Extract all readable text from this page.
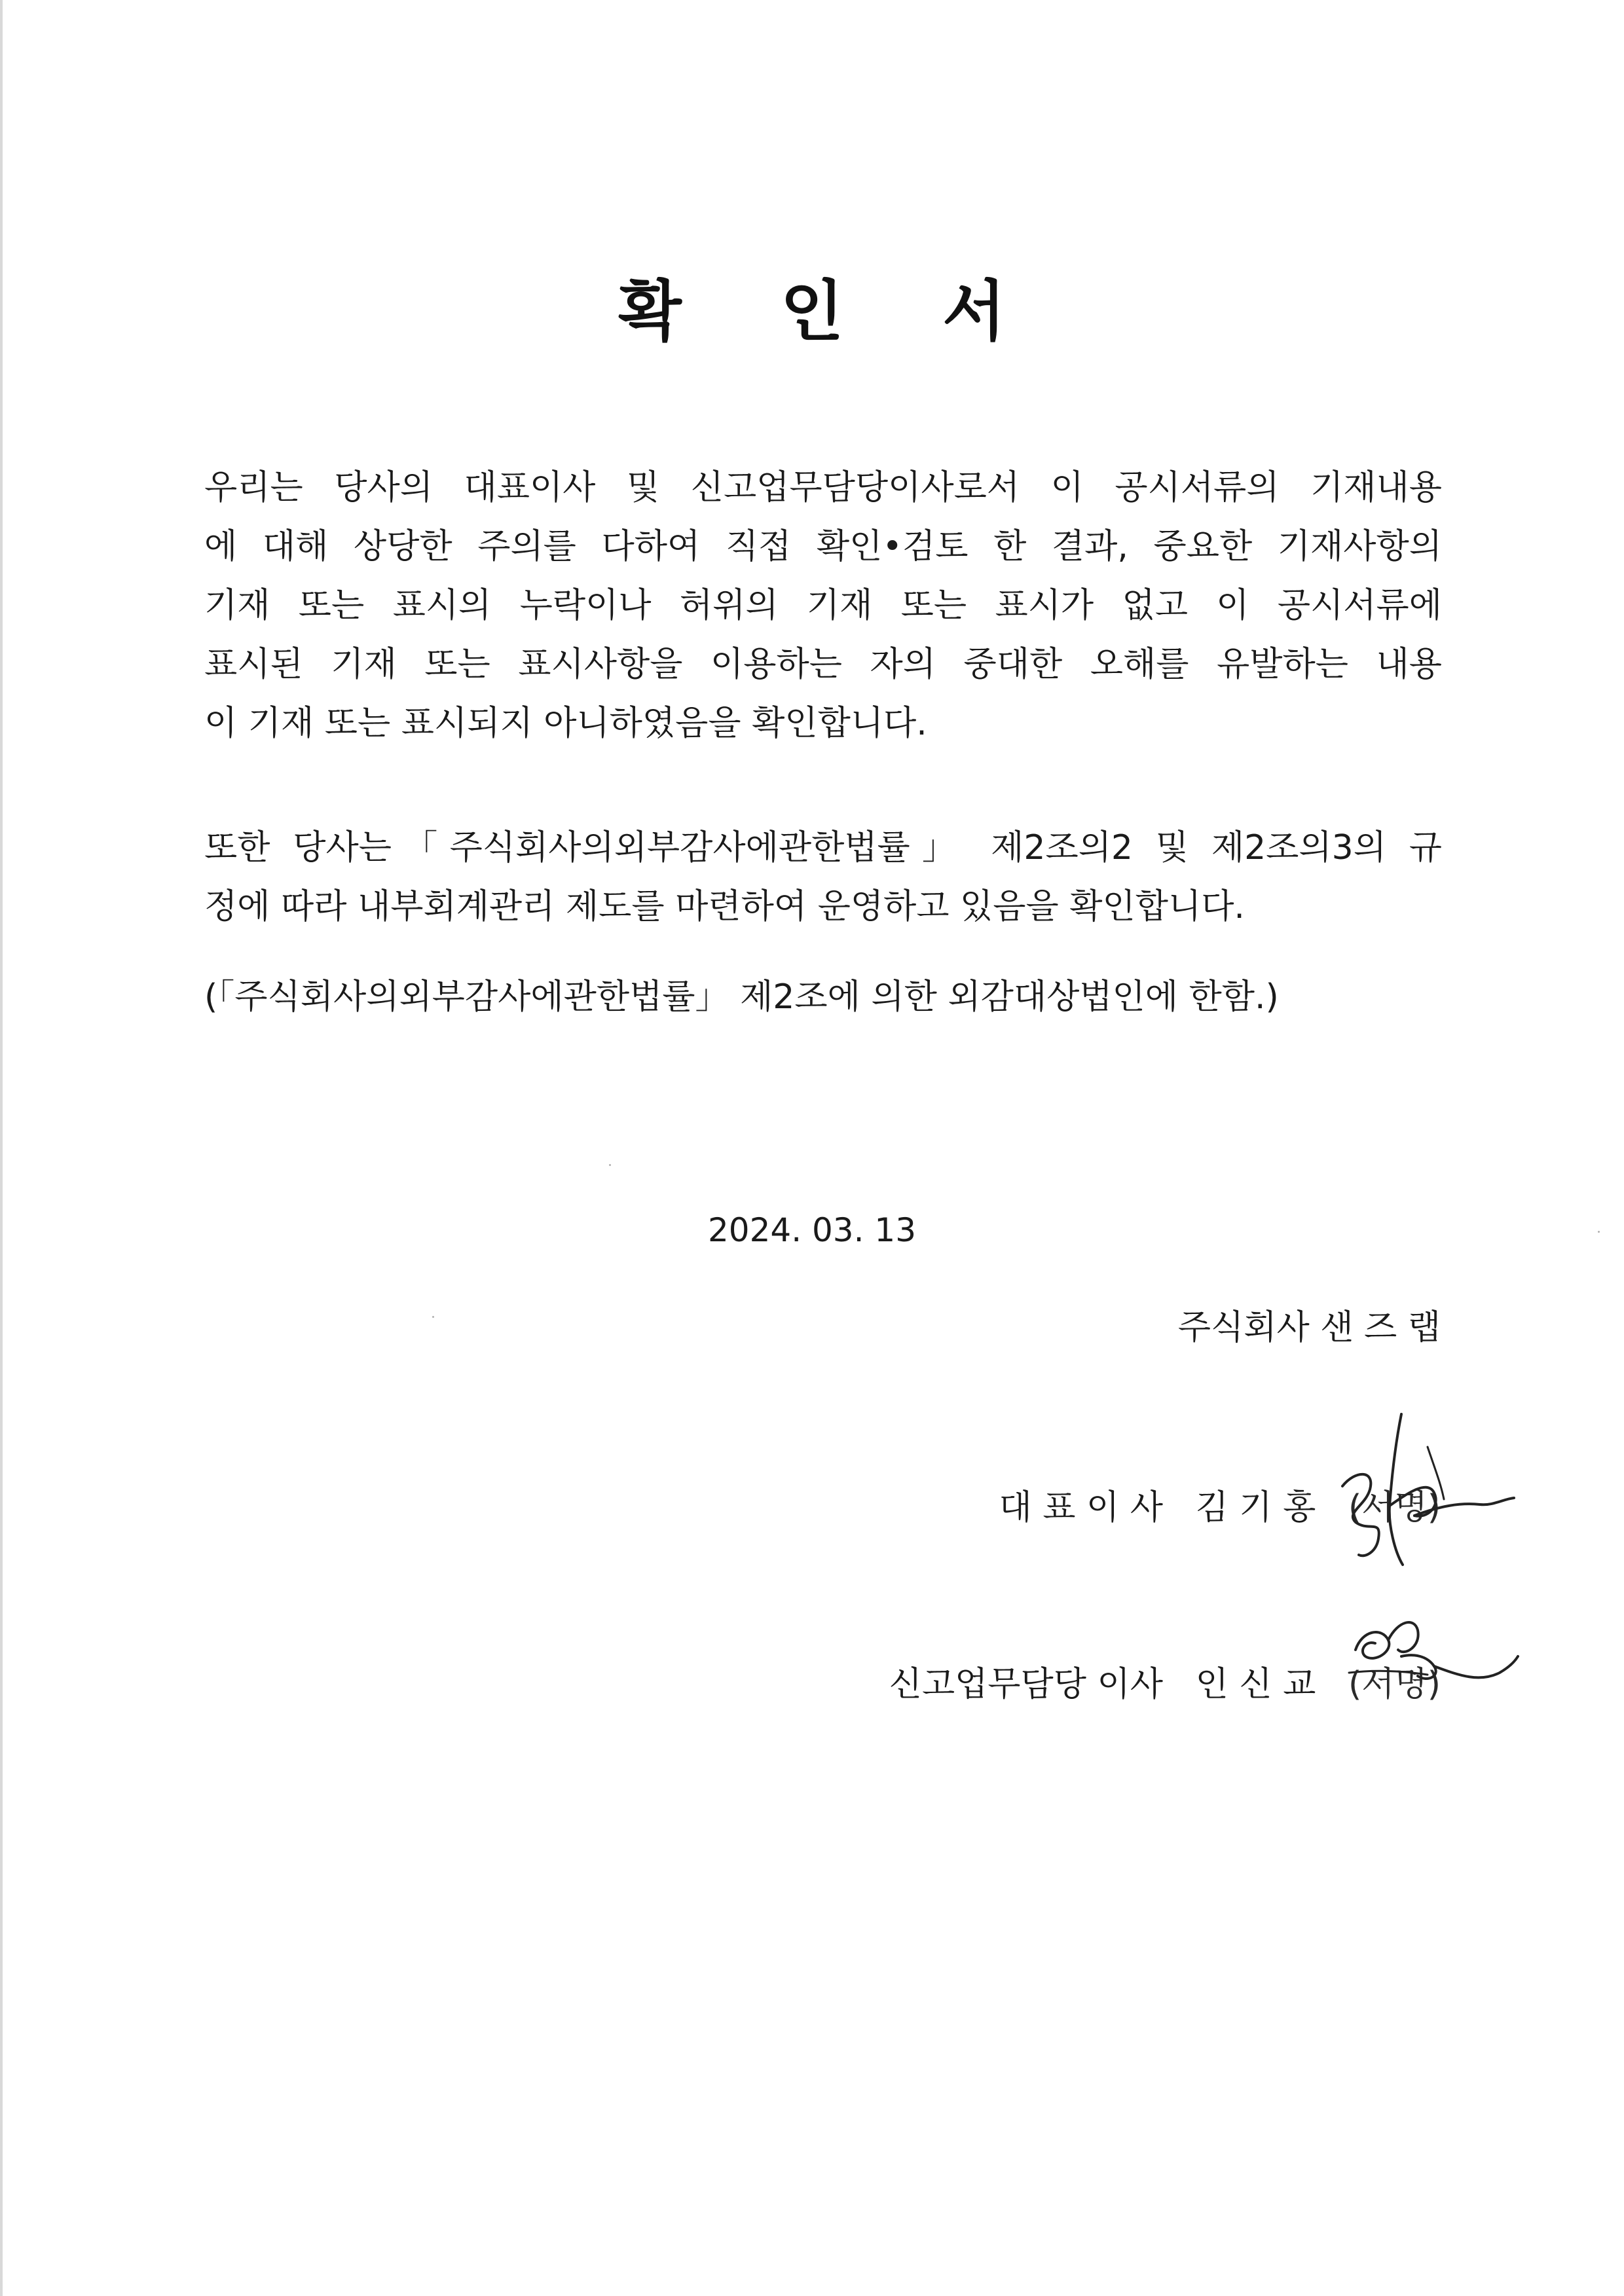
확 인 서
우리는 당사의 대표이사 및 신고업무담당이사로서 이 공시서류의 기재내용
에 대해 상당한 주의를 다하여 직접 확인•검토 한 결과, 중요한 기재사항의
기재 또는 표시의 누락이나 허위의 기재 또는 표시가 없고 이 공시서류에
표시된 기재 또는 표시사항을 이용하는 자의 중대한 오해를 유발하는 내용
이 기재 또는 표시되지 아니하였음을 확인합니다.
또한 당사는「주식회사의외부감사에관한법률」 제2조의2 및 제2조의3의 규
정에 따라 내부회계관리 제도를 마련하여 운영하고 있음을 확인합니다.
(「주식회사의외부감사에관한법률」 제2조에 의한 외감대상법인에 한함.)
2024. 03. 13
주식회사 샌 즈 랩
대 표 이 사 김 기 홍 (서명)
신고업무담당 이사 인 신 교 (서명)
